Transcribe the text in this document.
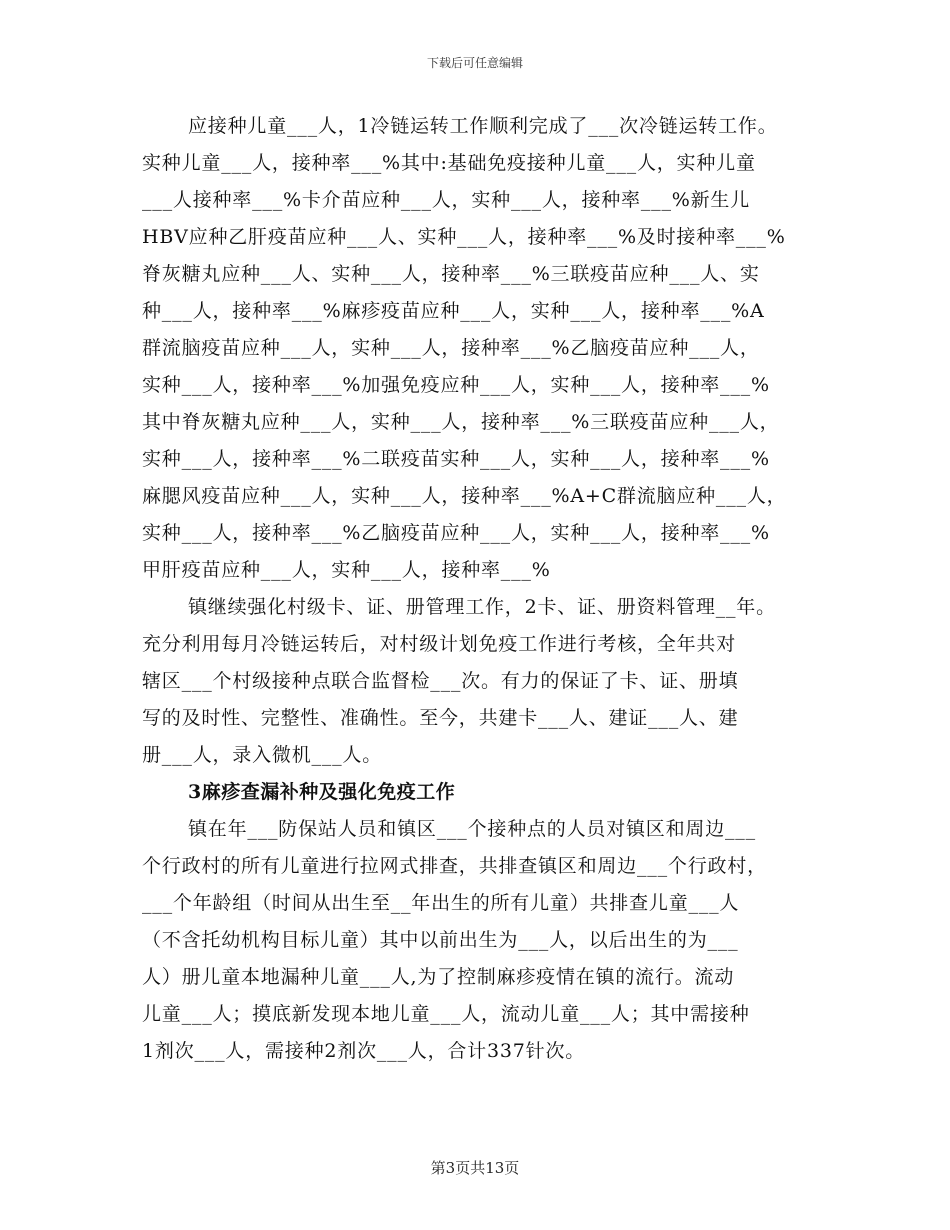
下载后可任意编辑
应接种儿童___人，1冷链运转工作顺利完成了___次冷链运转工作。
实种儿童___人，接种率___%其中:基础免疫接种儿童___人，实种儿童
___人接种率___%卡介苗应种___人，实种___人，接种率___%新生儿
HBV应种乙肝疫苗应种___人、实种___人，接种率___%及时接种率___%
脊灰糖丸应种___人、实种___人，接种率___%三联疫苗应种___人、实
种___人，接种率___%麻疹疫苗应种___人，实种___人，接种率___%A
群流脑疫苗应种___人，实种___人，接种率___%乙脑疫苗应种___人，
实种___人，接种率___%加强免疫应种___人，实种___人，接种率___%
其中脊灰糖丸应种___人，实种___人，接种率___%三联疫苗应种___人，
实种___人，接种率___%二联疫苗实种___人，实种___人，接种率___%
麻腮风疫苗应种___人，实种___人，接种率___%A+C群流脑应种___人，
实种___人，接种率___%乙脑疫苗应种___人，实种___人，接种率___%
甲肝疫苗应种___人，实种___人，接种率___%
镇继续强化村级卡、证、册管理工作，2卡、证、册资料管理__年。
充分利用每月冷链运转后，对村级计划免疫工作进行考核，全年共对
辖区___个村级接种点联合监督检___次。有力的保证了卡、证、册填
写的及时性、完整性、准确性。至今，共建卡___人、建证___人、建
册___人，录入微机___人。
3麻疹查漏补种及强化免疫工作
镇在年___防保站人员和镇区___个接种点的人员对镇区和周边___
个行政村的所有儿童进行拉网式排查，共排查镇区和周边___个行政村，
___个年龄组（时间从出生至__年出生的所有儿童）共排查儿童___人
（不含托幼机构目标儿童）其中以前出生为___人，以后出生的为___
人）册儿童本地漏种儿童___人,为了控制麻疹疫情在镇的流行。流动
儿童___人；摸底新发现本地儿童___人，流动儿童___人；其中需接种
1剂次___人，需接种2剂次___人，合计337针次。
第3页共13页
